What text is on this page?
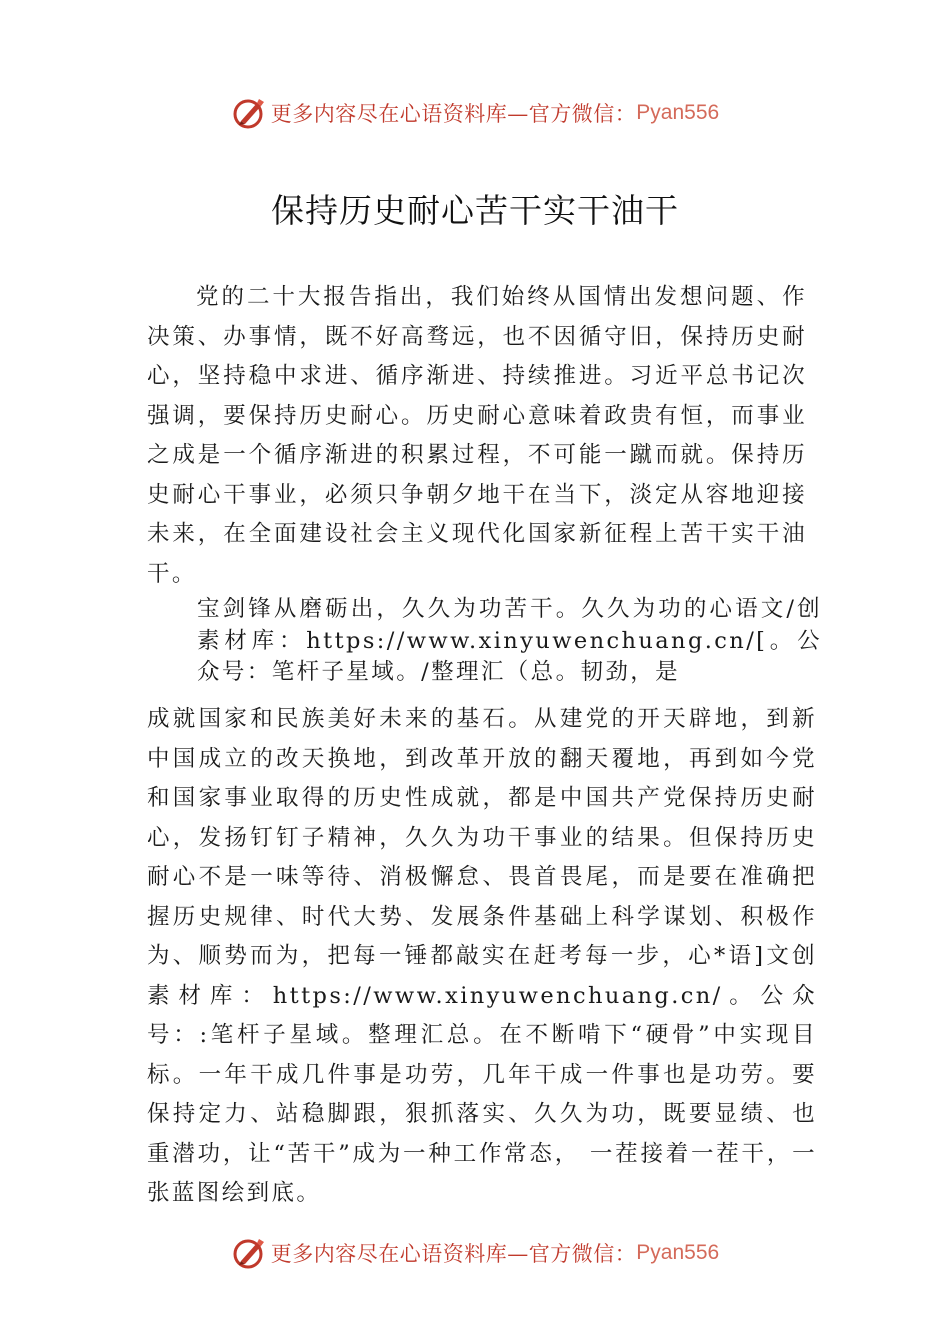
更多内容尽在心语资料库—官方微信： Pyan556
保持历史耐心苦干实干油干

党的二十大报告指出，我们始终从国情出发想问题、作决策、办事情，既不好高骛远，也不因循守旧，保持历史耐心，坚持稳中求进、循序渐进、持续推进。习近平总书记次强调，要保持历史耐心。历史耐心意味着政贵有恒，而事业之成是一个循序渐进的积累过程，不可能一蹴而就。保持历史耐心干事业，必须只争朝夕地干在当下，淡定从容地迎接未来，在全面建设社会主义现代化国家新征程上苦干实干油干。

宝剑锋从磨砺出，久久为功苦干。久久为功的心语文/创素材库：https://www.xinyuwenchuang.cn/[。公众号：笔杆子星域。/整理汇（总。韧劲，是

成就国家和民族美好未来的基石。从建党的开天辟地，到新中国成立的改天换地，到改革开放的翻天覆地，再到如今党和国家事业取得的历史性成就，都是中国共产党保持历史耐心，发扬钉钉子精神，久久为功干事业的结果。但保持历史耐心不是一味等待、消极懈怠、畏首畏尾，而是要在准确把握历史规律、时代大势、发展条件基础上科学谋划、积极作为、顺势而为，把每一锤都敲实在赶考每一步，心*语]文创素材库：https://www.xinyuwenchuang.cn/。公众号：:笔杆子星域。整理汇总。在不断啃下“硬骨”中实现目标。一年干成几件事是功劳，几年干成一件事也是功劳。要保持定力、站稳脚跟，狠抓落实、久久为功，既要显绩、也重潜功，让“苦干”成为一种工作常态， 一茬接着一茬干，一张蓝图绘到底。

更多内容尽在心语资料库—官方微信： Pyan556
